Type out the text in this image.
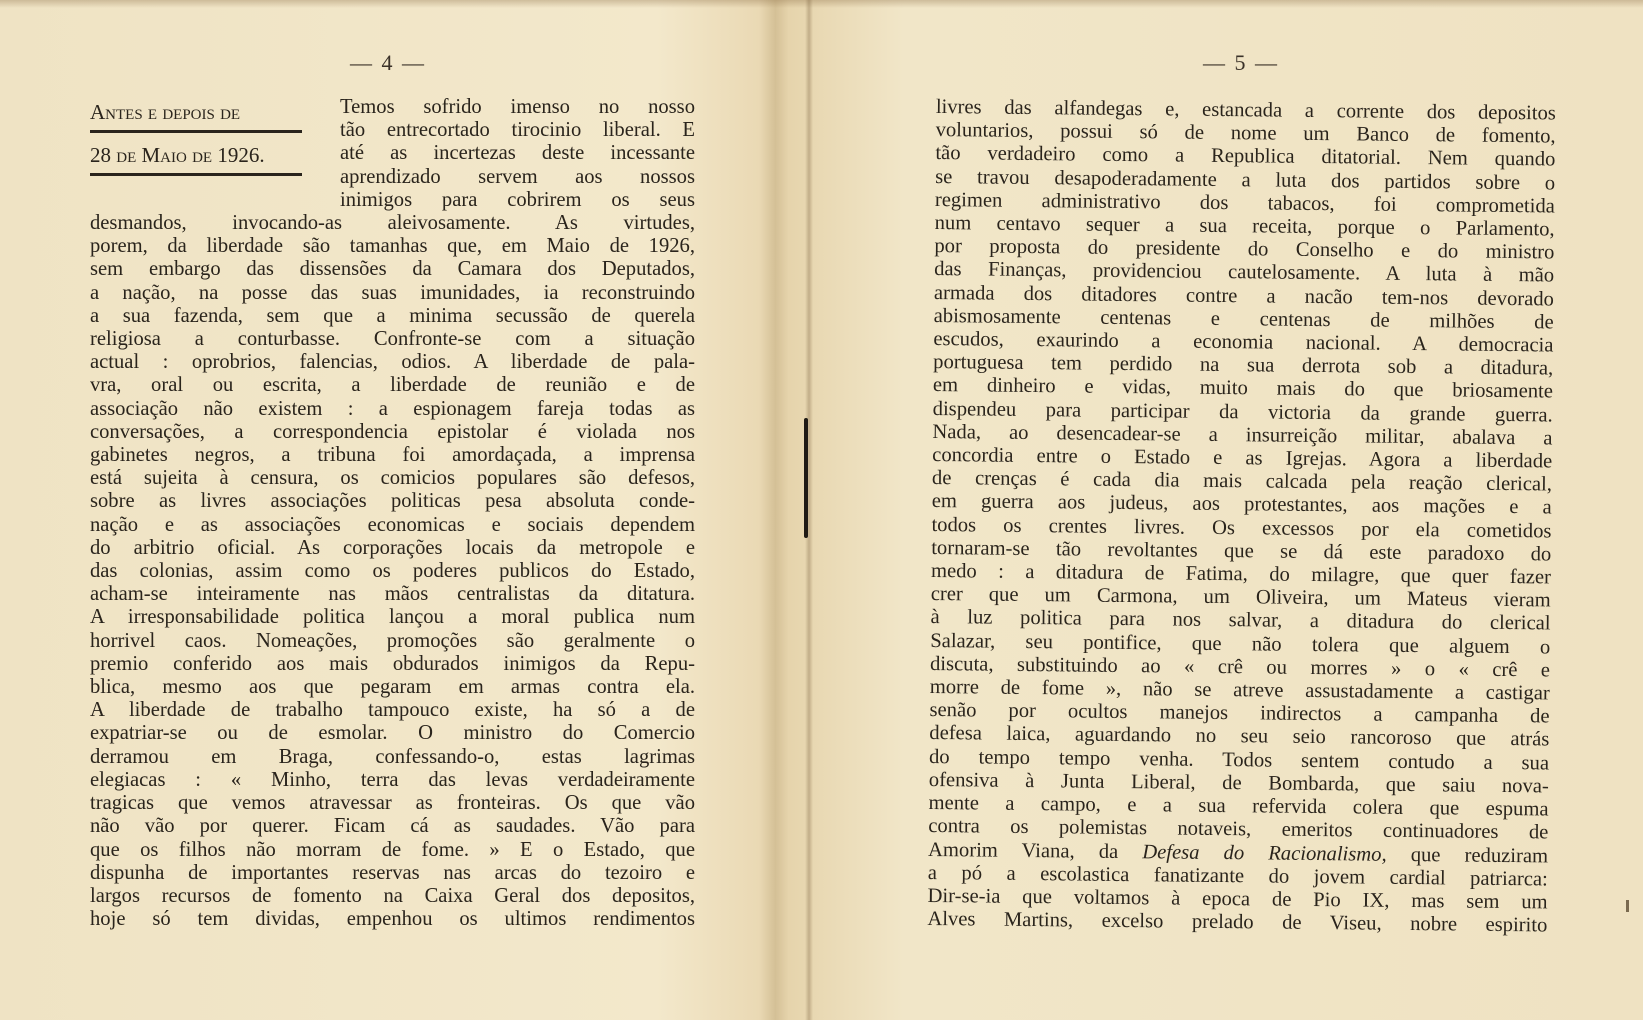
— 4 —
Antes e depois de
28 de Maio de 1926.
Temos sofrido imenso no nosso
tão entrecortado tirocinio liberal. E
até as incertezas deste incessante
aprendizado servem aos nossos
inimigos para cobrirem os seus
desmandos, invocando-as aleivosamente. As virtudes,
porem, da liberdade são tamanhas que, em Maio de 1926,
sem embargo das dissensões da Camara dos Deputados,
a nação, na posse das suas imunidades, ia reconstruindo
a sua fazenda, sem que a minima secussão de querela
religiosa a conturbasse. Confronte-se com a situação
actual : oprobrios, falencias, odios. A liberdade de pala-
vra, oral ou escrita, a liberdade de reunião e de
associação não existem : a espionagem fareja todas as
conversações, a correspondencia epistolar é violada nos
gabinetes negros, a tribuna foi amordaçada, a imprensa
está sujeita à censura, os comicios populares são defesos,
sobre as livres associações politicas pesa absoluta conde-
nação e as associações economicas e sociais dependem
do arbitrio oficial. As corporações locais da metropole e
das colonias, assim como os poderes publicos do Estado,
acham-se inteiramente nas mãos centralistas da ditatura.
A irresponsabilidade politica lançou a moral publica num
horrivel caos. Nomeações, promoções são geralmente o
premio conferido aos mais obdurados inimigos da Repu-
blica, mesmo aos que pegaram em armas contra ela.
A liberdade de trabalho tampouco existe, ha só a de
expatriar-se ou de esmolar. O ministro do Comercio
derramou em Braga, confessando-o, estas lagrimas
elegiacas : « Minho, terra das levas verdadeiramente
tragicas que vemos atravessar as fronteiras. Os que vão
não vão por querer. Ficam cá as saudades. Vão para
que os filhos não morram de fome. » E o Estado, que
dispunha de importantes reservas nas arcas do tezoiro e
largos recursos de fomento na Caixa Geral dos depositos,
hoje só tem dividas, empenhou os ultimos rendimentos
— 5 —
livres das alfandegas e, estancada a corrente dos depositos
voluntarios, possui só de nome um Banco de fomento,
tão verdadeiro como a Republica ditatorial. Nem quando
se travou desapoderadamente a luta dos partidos sobre o
regimen administrativo dos tabacos, foi comprometida
num centavo sequer a sua receita, porque o Parlamento,
por proposta do presidente do Conselho e do ministro
das Finanças, providenciou cautelosamente. A luta à mão
armada dos ditadores contre a nacão tem-nos devorado
abismosamente centenas e centenas de milhões de
escudos, exaurindo a economia nacional. A democracia
portuguesa tem perdido na sua derrota sob a ditadura,
em dinheiro e vidas, muito mais do que briosamente
dispendeu para participar da victoria da grande guerra.
Nada, ao desencadear-se a insurreição militar, abalava a
concordia entre o Estado e as Igrejas. Agora a liberdade
de crenças é cada dia mais calcada pela reação clerical,
em guerra aos judeus, aos protestantes, aos mações e a
todos os crentes livres. Os excessos por ela cometidos
tornaram-se tão revoltantes que se dá este paradoxo do
medo : a ditadura de Fatima, do milagre, que quer fazer
crer que um Carmona, um Oliveira, um Mateus vieram
à luz politica para nos salvar, a ditadura do clerical
Salazar, seu pontifice, que não tolera que alguem o
discuta, substituindo ao « crê ou morres » o « crê e
morre de fome », não se atreve assustadamente a castigar
senão por ocultos manejos indirectos a campanha de
defesa laica, aguardando no seu seio rancoroso que atrás
do tempo tempo venha. Todos sentem contudo a sua
ofensiva à Junta Liberal, de Bombarda, que saiu nova-
mente a campo, e a sua refervida colera que espuma
contra os polemistas notaveis, emeritos continuadores de
Amorim Viana, da Defesa do Racionalismo, que reduziram
a pó a escolastica fanatizante do jovem cardial patriarca:
Dir-se-ia que voltamos à epoca de Pio IX, mas sem um
Alves Martins, excelso prelado de Viseu, nobre espirito
